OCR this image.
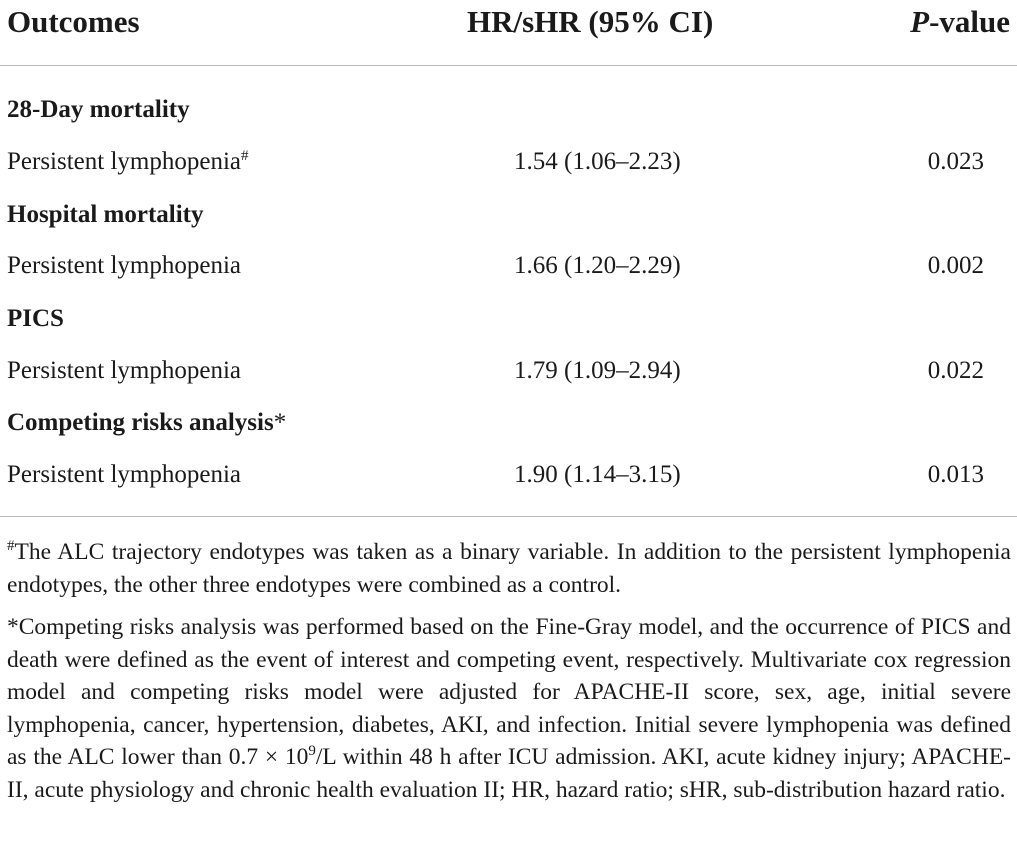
Outcomes	HR/sHR (95% CI)	P-value
28-Day mortality
Persistent lymphopenia#	1.54 (1.06–2.23)	0.023
Hospital mortality
Persistent lymphopenia	1.66 (1.20–2.29)	0.002
PICS
Persistent lymphopenia	1.79 (1.09–2.94)	0.022
Competing risks analysis*
Persistent lymphopenia	1.90 (1.14–3.15)	0.013
#The ALC trajectory endotypes was taken as a binary variable. In addition to the persistent lymphopenia endotypes, the other three endotypes were combined as a control.
*Competing risks analysis was performed based on the Fine-Gray model, and the occurrence of PICS and death were defined as the event of interest and competing event, respectively. Multivariate cox regression model and competing risks model were adjusted for APACHE-II score, sex, age, initial severe lymphopenia, cancer, hypertension, diabetes, AKI, and infection. Initial severe lymphopenia was defined as the ALC lower than $0.7 \times 10^9/L$ within 48 h after ICU admission. AKI, acute kidney injury; APACHE-II, acute physiology and chronic health evaluation II; HR, hazard ratio; sHR, sub-distribution hazard ratio.
